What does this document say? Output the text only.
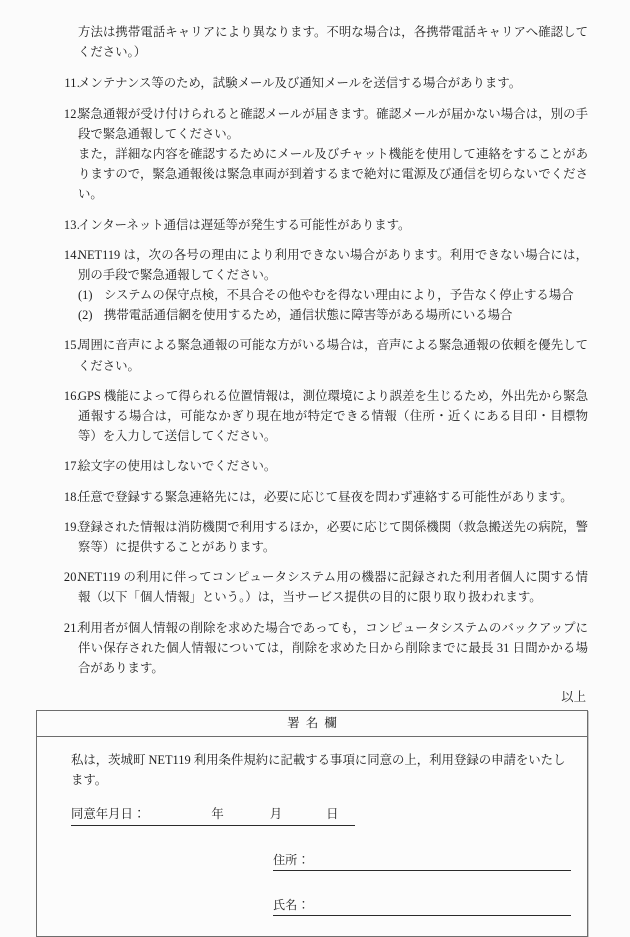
方法は携帯電話キャリアにより異なります。不明な場合は，各携帯電話キャリアへ確認してください。）

11.

メンテナンス等のため，試験メール及び通知メールを送信する場合があります。

12.

緊急通報が受け付けられると確認メールが届きます。確認メールが届かない場合は，別の手段で緊急通報してください。

また，詳細な内容を確認するためにメール及びチャット機能を使用して連絡をすることがありますので，緊急通報後は緊急車両が到着するまで絶対に電源及び通信を切らないでください。

13.

インターネット通信は遅延等が発生する可能性があります。

14.

NET119 は，次の各号の理由により利用できない場合があります。利用できない場合には，別の手段で緊急通報してください。

(1) システムの保守点検，不具合その他やむを得ない理由により，予告なく停止する場合
(2) 携帯電話通信網を使用するため，通信状態に障害等がある場所にいる場合
15.

周囲に音声による緊急通報の可能な方がいる場合は，音声による緊急通報の依頼を優先してください。

16.

GPS 機能によって得られる位置情報は，測位環境により誤差を生じるため，外出先から緊急通報する場合は，可能なかぎり現在地が特定できる情報（住所・近くにある目印・目標物等）を入力して送信してください。

17.

絵文字の使用はしないでください。

18.

任意で登録する緊急連絡先には，必要に応じて昼夜を問わず連絡する可能性があります。

19.

登録された情報は消防機関で利用するほか，必要に応じて関係機関（救急搬送先の病院，警察等）に提供することがあります。

20.

NET119 の利用に伴ってコンピュータシステム用の機器に記録された利用者個人に関する情報（以下「個人情報」という。）は，当サービス提供の目的に限り取り扱われます。

21.

利用者が個人情報の削除を求めた場合であっても，コンピュータシステムのバックアップに伴い保存された個人情報については，削除を求めた日から削除までに最長 31 日間かかる場合があります。

以上
署名欄

私は，茨城町 NET119 利用条件規約に記載する事項に同意の上，利用登録の申請をいたします。

同意年月日：	年	月	日
住所：
氏名：
